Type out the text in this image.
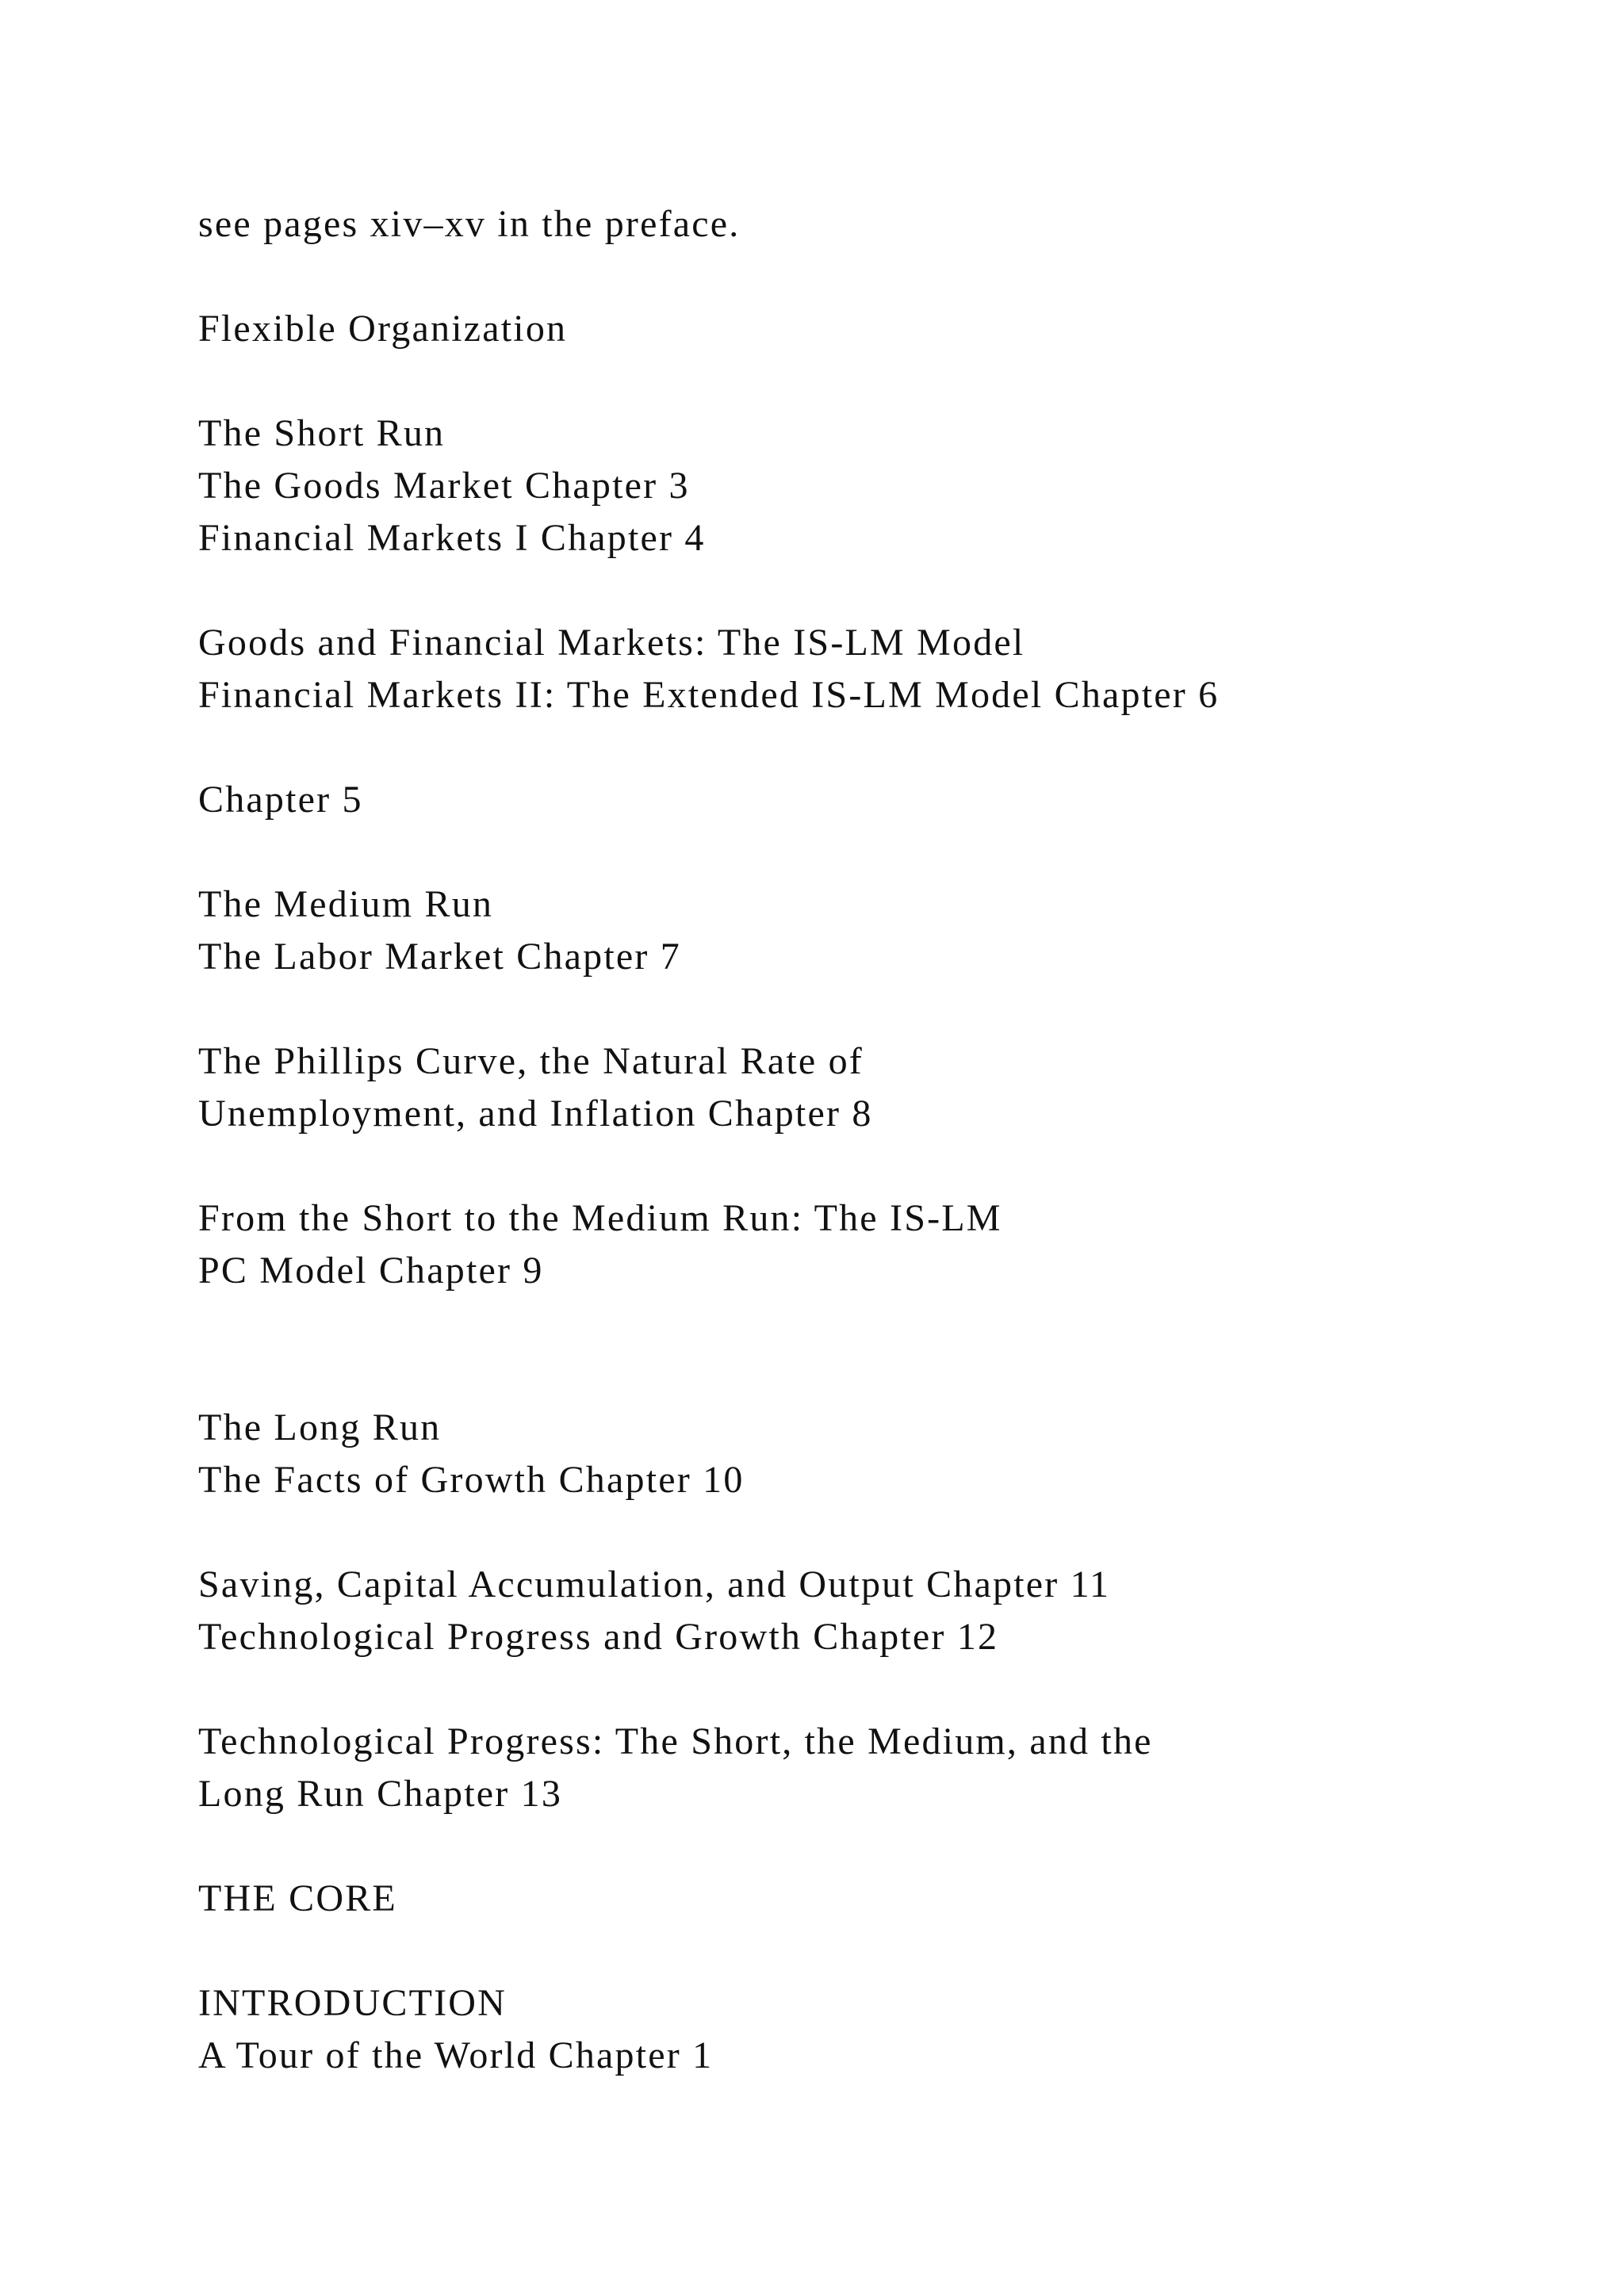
see pages xiv–xv in the preface.
Flexible Organization
The Short Run
The Goods Market Chapter 3
Financial Markets I Chapter 4
Goods and Financial Markets: The IS-LM Model
Financial Markets II: The Extended IS-LM Model Chapter 6
Chapter 5
The Medium Run
The Labor Market Chapter 7
The Phillips Curve, the Natural Rate of
Unemployment, and Inflation Chapter 8
From the Short to the Medium Run: The IS-LM
PC Model Chapter 9
The Long Run
The Facts of Growth Chapter 10
Saving, Capital Accumulation, and Output Chapter 11
Technological Progress and Growth Chapter 12
Technological Progress: The Short, the Medium, and the
Long Run Chapter 13
THE CORE
INTRODUCTION
A Tour of the World Chapter 1
